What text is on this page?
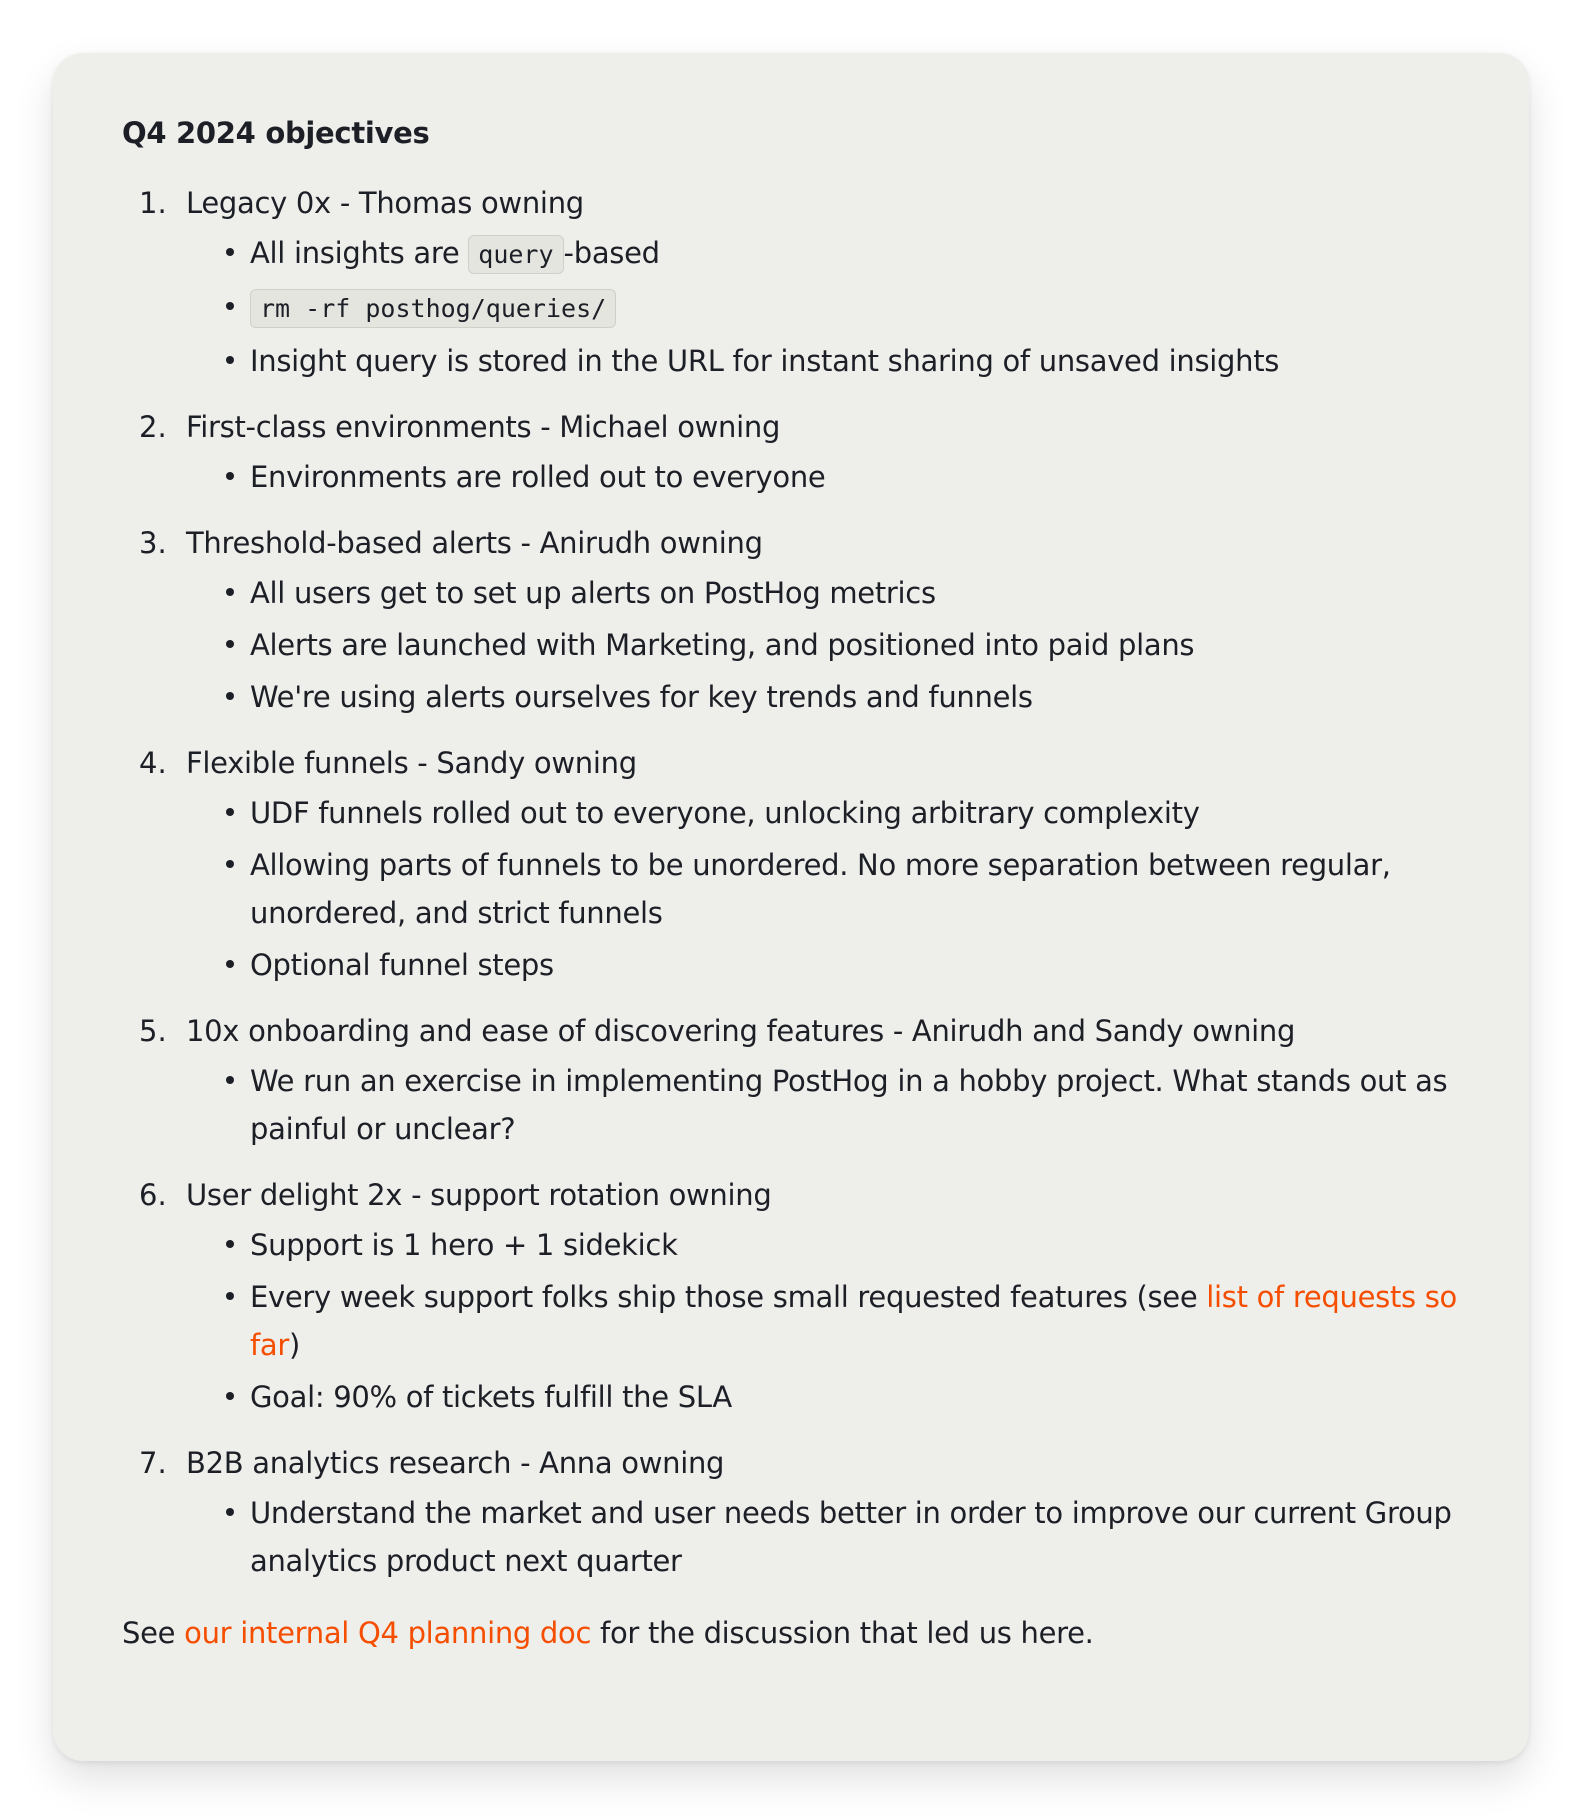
Q4 2024 objectives
1. Legacy 0x - Thomas owning
All insights are query -based
rm -rf posthog/queries/
Insight query is stored in the URL for instant sharing of unsaved insights
2. First-class environments - Michael owning
Environments are rolled out to everyone
3. Threshold-based alerts - Anirudh owning
All users get to set up alerts on PostHog metrics
Alerts are launched with Marketing, and positioned into paid plans
We're using alerts ourselves for key trends and funnels
4. Flexible funnels - Sandy owning
UDF funnels rolled out to everyone, unlocking arbitrary complexity
Allowing parts of funnels to be unordered. No more separation between regular, unordered, and strict funnels
Optional funnel steps
5. 10x onboarding and ease of discovering features - Anirudh and Sandy owning
We run an exercise in implementing PostHog in a hobby project. What stands out as painful or unclear?
6. User delight 2x - support rotation owning
Support is 1 hero + 1 sidekick
Every week support folks ship those small requested features (see list of requests so far)
Goal: 90% of tickets fulfill the SLA
7. B2B analytics research - Anna owning
Understand the market and user needs better in order to improve our current Group analytics product next quarter

See our internal Q4 planning doc for the discussion that led us here.
